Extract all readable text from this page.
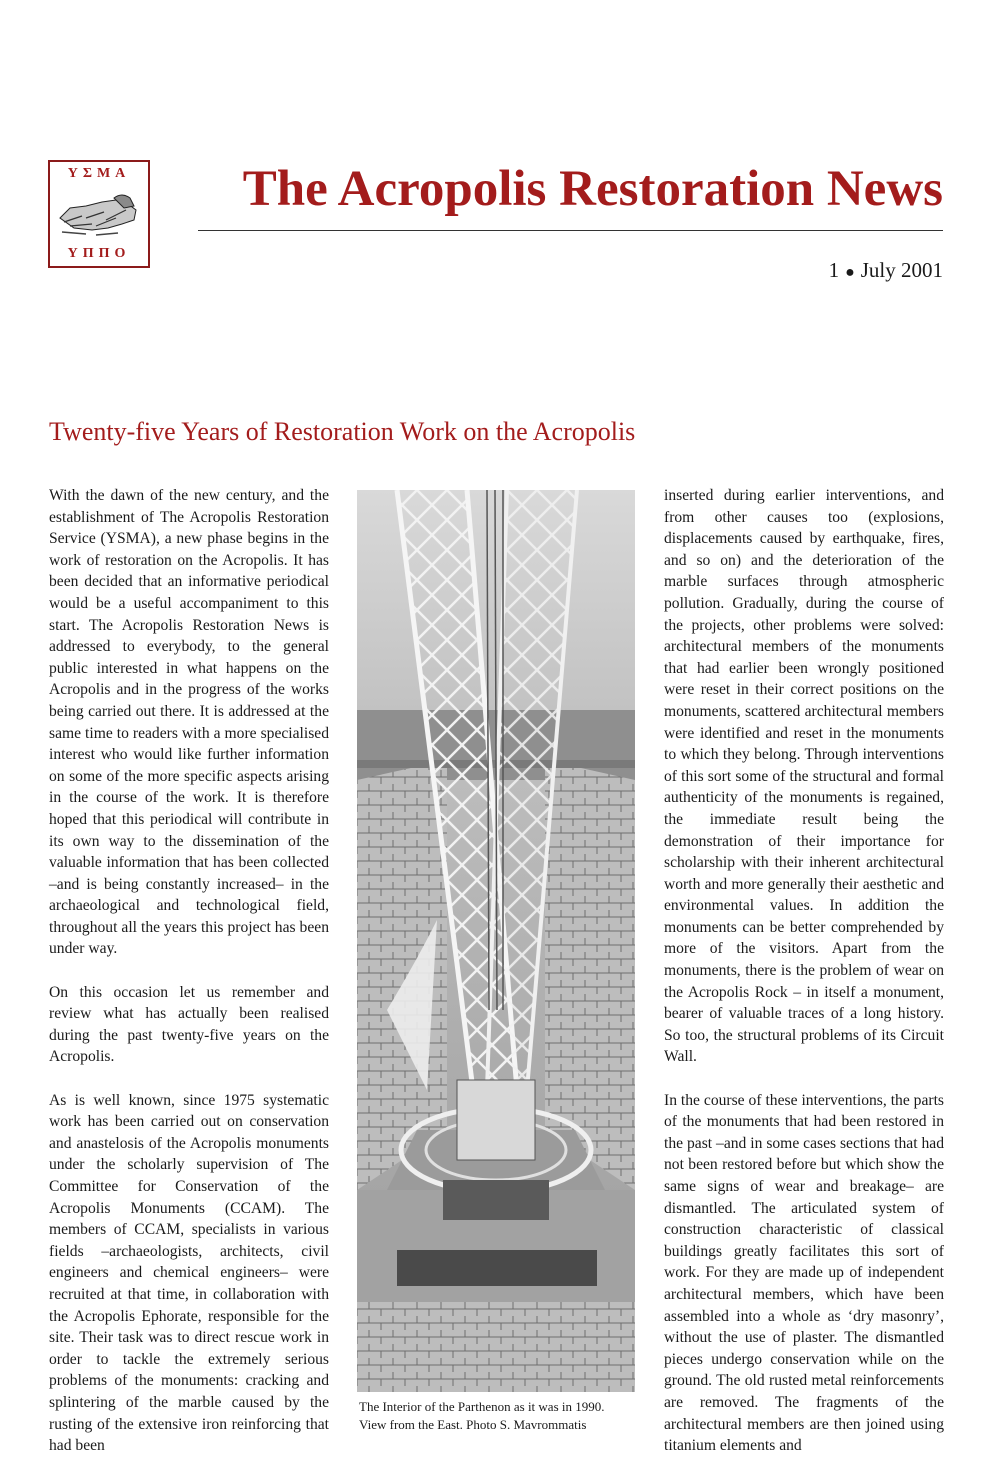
ΥΣΜΑ
ΥΠΠΟ
The Acropolis Restoration News
1 ● July 2001
Twenty-five Years of Restoration Work on the Acropolis

With the dawn of the new century, and the establishment of The Acropolis Restoration Service (YSMA), a new phase begins in the work of restoration on the Acropolis. It has been decided that an informative periodical would be a useful accompaniment to this start. The Acropolis Restoration News is addressed to everybody, to the general public interested in what happens on the Acropolis and in the progress of the works being carried out there. It is addressed at the same time to readers with a more specialised interest who would like further information on some of the more specific aspects arising in the course of the work. It is therefore hoped that this periodical will contribute in its own way to the dissemination of the valuable information that has been collected –and is being constantly increased– in the archaeological and technological field, throughout all the years this project has been under way.

On this occasion let us remember and review what has actually been realised during the past twenty-five years on the Acropolis.

As is well known, since 1975 systematic work has been carried out on conservation and anastelosis of the Acropolis monuments under the scholarly supervision of The Committee for Conservation of the Acropolis Monuments (CCAM). The members of CCAM, specialists in various fields –archaeologists, architects, civil engineers and chemical engineers– were recruited at that time, in collaboration with the Acropolis Ephorate, responsible for the site. Their task was to direct rescue work in order to tackle the extremely serious problems of the monuments: cracking and splintering of the marble caused by the rusting of the extensive iron reinforcing that had been

The Interior of the Parthenon as it was in 1990.
View from the East. Photo S. Mavrommatis

inserted during earlier interventions, and from other causes too (explosions, displacements caused by earthquake, fires, and so on) and the deterioration of the marble surfaces through atmospheric pollution. Gradually, during the course of the projects, other problems were solved: architectural members of the monuments that had earlier been wrongly positioned were reset in their correct positions on the monuments, scattered architectural members were identified and reset in the monuments to which they belong. Through interventions of this sort some of the structural and formal authenticity of the monuments is regained, the immediate result being the demonstration of their importance for scholarship with their inherent architectural worth and more generally their aesthetic and environmental values. In addition the monuments can be better comprehended by more of the visitors. Apart from the monuments, there is the problem of wear on the Acropolis Rock – in itself a monument, bearer of valuable traces of a long history. So too, the structural problems of its Circuit Wall.

In the course of these interventions, the parts of the monuments that had been restored in the past –and in some cases sections that had not been restored before but which show the same signs of wear and breakage– are dismantled. The articulated system of construction characteristic of classical buildings greatly facilitates this sort of work. For they are made up of independent architectural members, which have been assembled into a whole as ‘dry masonry’, without the use of plaster. The dismantled pieces undergo conservation while on the ground. The old rusted metal reinforcements are removed. The fragments of the architectural members are then joined using titanium elements and
